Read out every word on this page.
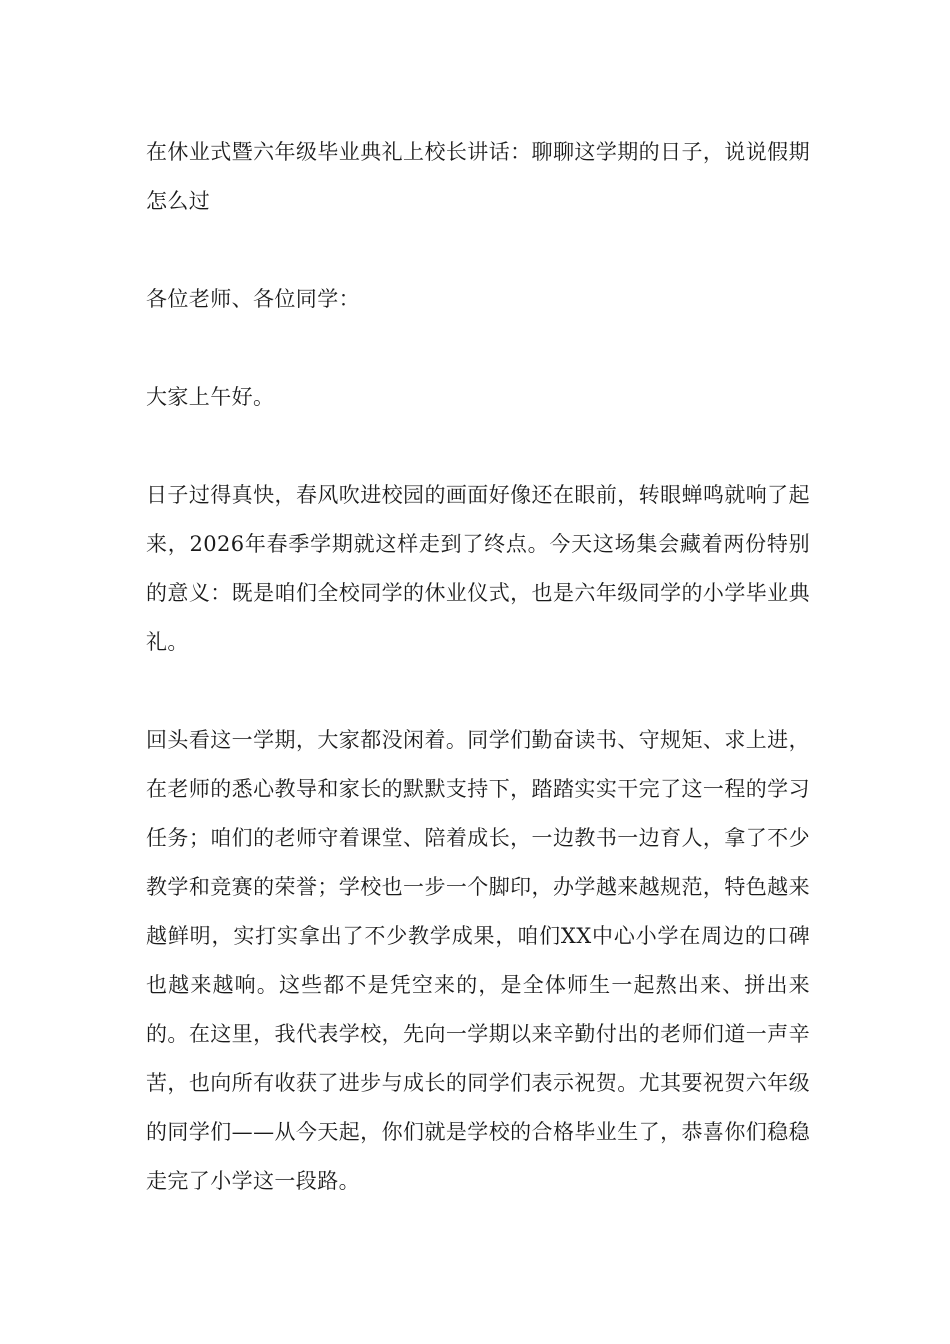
在休业式暨六年级毕业典礼上校长讲话：聊聊这学期的日子，说说假期怎么过

各位老师、各位同学：

大家上午好。

日子过得真快，春风吹进校园的画面好像还在眼前，转眼蝉鸣就响了起来，2026年春季学期就这样走到了终点。今天这场集会藏着两份特别的意义：既是咱们全校同学的休业仪式，也是六年级同学的小学毕业典礼。

回头看这一学期，大家都没闲着。同学们勤奋读书、守规矩、求上进，在老师的悉心教导和家长的默默支持下，踏踏实实干完了这一程的学习任务；咱们的老师守着课堂、陪着成长，一边教书一边育人，拿了不少教学和竞赛的荣誉；学校也一步一个脚印，办学越来越规范，特色越来越鲜明，实打实拿出了不少教学成果，咱们XX中心小学在周边的口碑也越来越响。这些都不是凭空来的，是全体师生一起熬出来、拼出来的。在这里，我代表学校，先向一学期以来辛勤付出的老师们道一声辛苦，也向所有收获了进步与成长的同学们表示祝贺。尤其要祝贺六年级的同学们——从今天起，你们就是学校的合格毕业生了，恭喜你们稳稳走完了小学这一段路。
